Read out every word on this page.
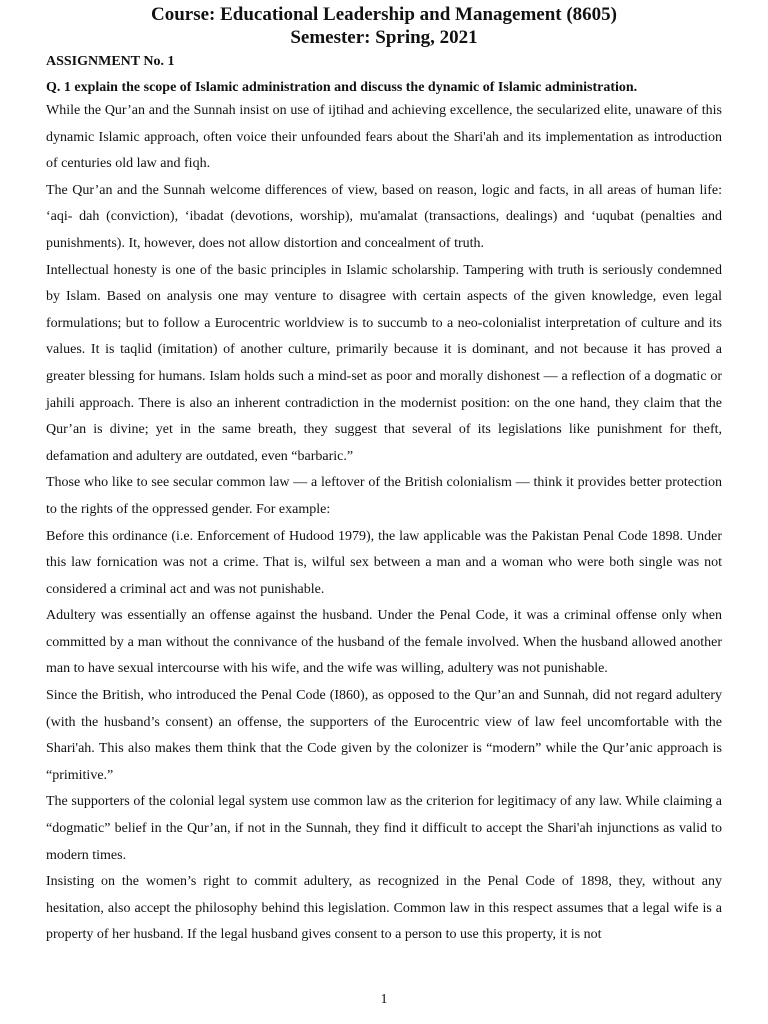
Course: Educational Leadership and Management (8605)
Semester: Spring, 2021
ASSIGNMENT No. 1
Q. 1 explain the scope of Islamic administration and discuss the dynamic of Islamic administration.

While the Qur’an and the Sunnah insist on use of ijtihad and achieving excellence, the secularized elite, unaware of this dynamic Islamic approach, often voice their unfounded fears about the Shari'ah and its implementation as introduction of centuries old law and fiqh.

The Qur’an and the Sunnah welcome differences of view, based on reason, logic and facts, in all areas of human life: ‘aqi- dah (conviction), ‘ibadat (devotions, worship), mu'amalat (transactions, dealings) and ‘uqubat (penalties and punishments). It, however, does not allow distortion and concealment of truth.

Intellectual honesty is one of the basic principles in Islamic scholarship. Tampering with truth is seriously condemned by Islam. Based on analysis one may venture to disagree with certain aspects of the given knowledge, even legal formulations; but to follow a Eurocentric worldview is to succumb to a neo-colonialist interpretation of culture and its values. It is taqlid (imitation) of another culture, primarily because it is dominant, and not because it has proved a greater blessing for humans. Islam holds such a mind-set as poor and morally dishonest — a reflection of a dogmatic or jahili approach. There is also an inherent contradiction in the modernist position: on the one hand, they claim that the Qur’an is divine; yet in the same breath, they suggest that several of its legislations like punishment for theft, defamation and adultery are outdated, even “barbaric.”

Those who like to see secular common law — a leftover of the British colonialism — think it provides better protection to the rights of the oppressed gender. For example:

Before this ordinance (i.e. Enforcement of Hudood 1979), the law applicable was the Pakistan Penal Code 1898. Under this law fornication was not a crime. That is, wilful sex between a man and a woman who were both single was not considered a criminal act and was not punishable.

Adultery was essentially an offense against the husband. Under the Penal Code, it was a criminal offense only when committed by a man without the connivance of the husband of the female involved. When the husband allowed another man to have sexual intercourse with his wife, and the wife was willing, adultery was not punishable.

Since the British, who introduced the Penal Code (I860), as opposed to the Qur’an and Sunnah, did not regard adultery (with the husband’s consent) an offense, the supporters of the Eurocentric view of law feel uncomfortable with the Shari'ah. This also makes them think that the Code given by the colonizer is “modern” while the Qur’anic approach is “primitive.”

The supporters of the colonial legal system use common law as the criterion for legitimacy of any law. While claiming a “dogmatic” belief in the Qur’an, if not in the Sunnah, they find it difficult to accept the Shari'ah injunctions as valid to modern times.

Insisting on the women’s right to commit adultery, as recognized in the Penal Code of 1898, they, without any hesitation, also accept the philosophy behind this legislation. Common law in this respect assumes that a legal wife is a property of her husband. If the legal husband gives consent to a person to use this property, it is not

1
